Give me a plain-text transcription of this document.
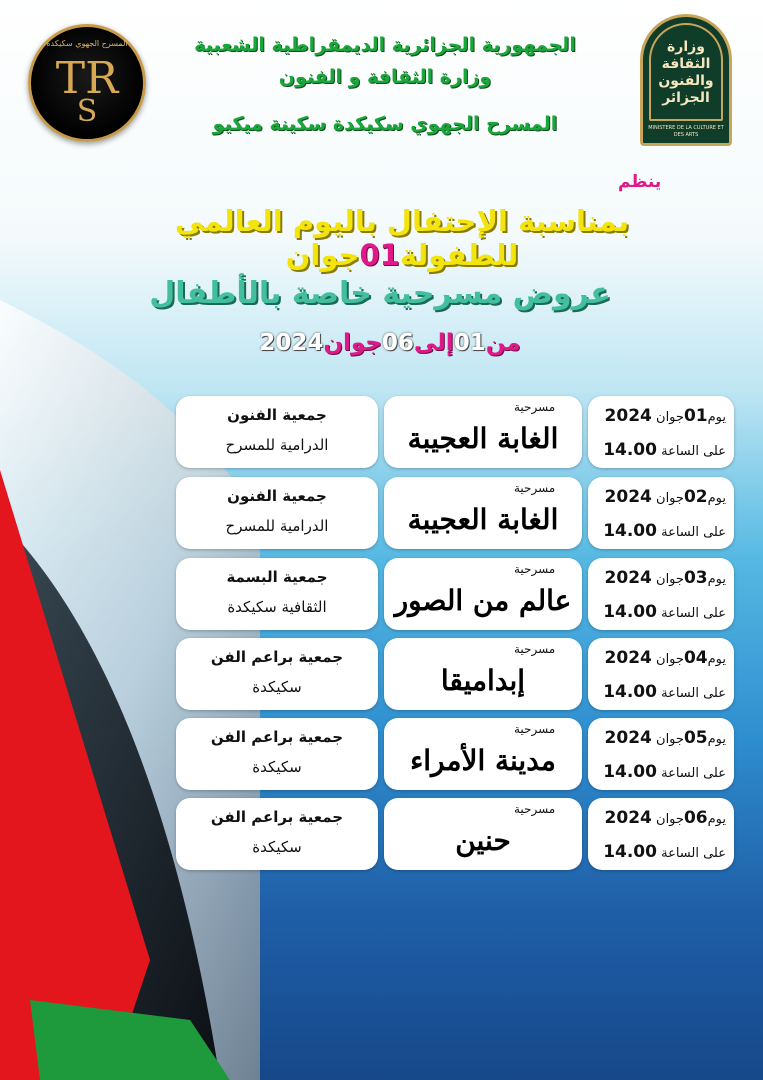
المسرح الجهوي سكيكدة
TR
S
وزارة الثقافة والفنون الجزائر
MINISTERE DE LA CULTURE ET DES ARTS
الجمهورية الجزائرية الديمقراطية الشعبية
وزارة الثقافة و الفنون
المسرح الجهوي سكيكدة سكينة ميكيو
ينظم
بمناسبة الإحتفال باليوم العالمي للطفولة01جوان
عروض مسرحية خاصة بالأطفال
من01إلى06جوان2024
جمعية الفنون
الدرامية للمسرح
مسرحية
الغابة العجيبة
يوم01جوان 2024
على الساعة 14.00
جمعية الفنون
الدرامية للمسرح
مسرحية
الغابة العجيبة
يوم02جوان 2024
على الساعة 14.00
جمعية البسمة
الثقافية سكيكدة
مسرحية
عالم من الصور
يوم03جوان 2024
على الساعة 14.00
جمعية براعم الفن
سكيكدة
مسرحية
إبداميقا
يوم04جوان 2024
على الساعة 14.00
جمعية براعم الفن
سكيكدة
مسرحية
مدينة الأمراء
يوم05جوان 2024
على الساعة 14.00
جمعية براعم الفن
سكيكدة
مسرحية
حنين
يوم06جوان 2024
على الساعة 14.00
